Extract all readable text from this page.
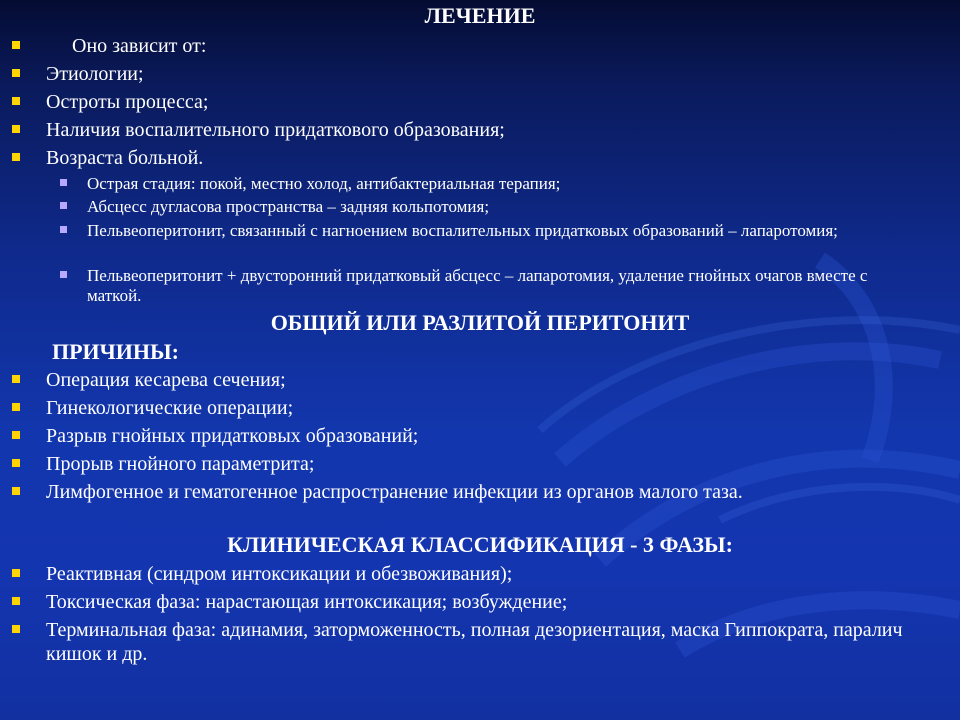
ЛЕЧЕНИЕ
Оно зависит от:
Этиологии;
Остроты процесса;
Наличия воспалительного придаткового образования;
Возраста больной.
Острая стадия: покой, местно холод, антибактериальная терапия;
Абсцесс дугласова пространства – задняя кольпотомия;
Пельвеоперитонит, связанный с нагноением воспалительных придатковых образований – лапаротомия;
Пельвеоперитонит + двусторонний придатковый абсцесс – лапаротомия, удаление гнойных очагов вместе с маткой.
ОБЩИЙ ИЛИ РАЗЛИТОЙ ПЕРИТОНИТ
ПРИЧИНЫ:
Операция кесарева сечения;
Гинекологические операции;
Разрыв гнойных придатковых образований;
Прорыв гнойного параметрита;
Лимфогенное и гематогенное распространение инфекции из органов малого таза.
КЛИНИЧЕСКАЯ КЛАССИФИКАЦИЯ - 3 ФАЗЫ:
Реактивная (синдром интоксикации и обезвоживания);
Токсическая фаза: нарастающая интоксикация; возбуждение;
Терминальная фаза: адинамия, заторможенность, полная дезориентация, маска Гиппократа, паралич кишок и др.
